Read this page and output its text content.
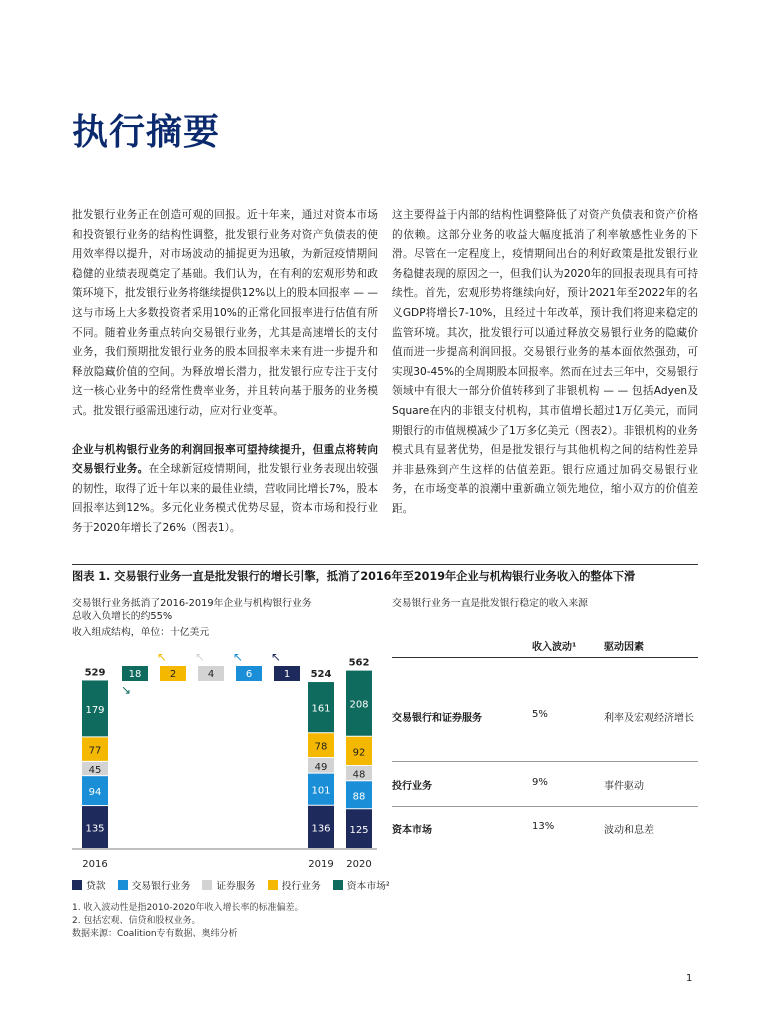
执行摘要

批发银行业务正在创造可观的回报。近十年来，通过对资本市场和投资银行业务的结构性调整，批发银行业务对资产负债表的使用效率得以提升，对市场波动的捕捉更为迅敏，为新冠疫情期间稳健的业绩表现奠定了基础。我们认为，在有利的宏观形势和政策环境下，批发银行业务将继续提供12%以上的股本回报率 — — 这与市场上大多数投资者采用10%的正常化回报率进行估值有所不同。随着业务重点转向交易银行业务，尤其是高速增长的支付业务，我们预期批发银行业务的股本回报率未来有进一步提升和释放隐藏价值的空间。为释放增长潜力，批发银行应专注于支付这一核心业务中的经常性费率业务，并且转向基于服务的业务模式。批发银行亟需迅速行动，应对行业变革。

企业与机构银行业务的利润回报率可望持续提升，但重点将转向交易银行业务。在全球新冠疫情期间，批发银行业务表现出较强的韧性，取得了近十年以来的最佳业绩，营收同比增长7%，股本回报率达到12%。多元化业务模式优势尽显，资本市场和投行业务于2020年增长了26%（图表1）。

这主要得益于内部的结构性调整降低了对资产负债表和资产价格的依赖。这部分业务的收益大幅度抵消了利率敏感性业务的下滑。尽管在一定程度上，疫情期间出台的利好政策是批发银行业务稳健表现的原因之一，但我们认为2020年的回报表现具有可持续性。首先，宏观形势将继续向好，预计2021年至2022年的名义GDP将增长7-10%，且经过十年改革，预计我们将迎来稳定的监管环境。其次，批发银行可以通过释放交易银行业务的隐藏价值而进一步提高利润回报。交易银行业务的基本面依然强劲，可实现30-45%的全周期股本回报率。然而在过去三年中，交易银行领域中有很大一部分价值转移到了非银机构 — — 包括Adyen及Square在内的非银支付机构，其市值增长超过1万亿美元，而同期银行的市值规模减少了1万多亿美元（图表2）。非银机构的业务模式具有显著优势，但是批发银行与其他机构之间的结构性差异并非悬殊到产生这样的估值差距。银行应通过加码交易银行业务，在市场变革的浪潮中重新确立领先地位，缩小双方的价值差距。

图表 1. 交易银行业务一直是批发银行的增长引擎，抵消了2016年至2019年企业与机构银行业务收入的整体下滑
交易银行业务抵消了2016-2019年企业与机构银行业务
总收入负增长的约55%
收入组成结构，单位：十亿美元
交易银行业务一直是批发银行稳定的收入来源
135
94
45
77
179
529
2016
136
101
49
78
161
524
2019
125
88
48
92
208
562
2020
18
↘
2
↖
4
↖
6
↖
1
↖
贷款	交易银行业务	证券服务	投行业务	资本市场²
收入波动¹	驱动因素
交易银行和证券服务	5%	利率及宏观经济增长
投行业务	9%	事件驱动
资本市场	13%	波动和息差
1. 收入波动性是指2010-2020年收入增长率的标准偏差。
2. 包括宏观、信贷和股权业务。
数据来源：Coalition专有数据、奥纬分析
1
